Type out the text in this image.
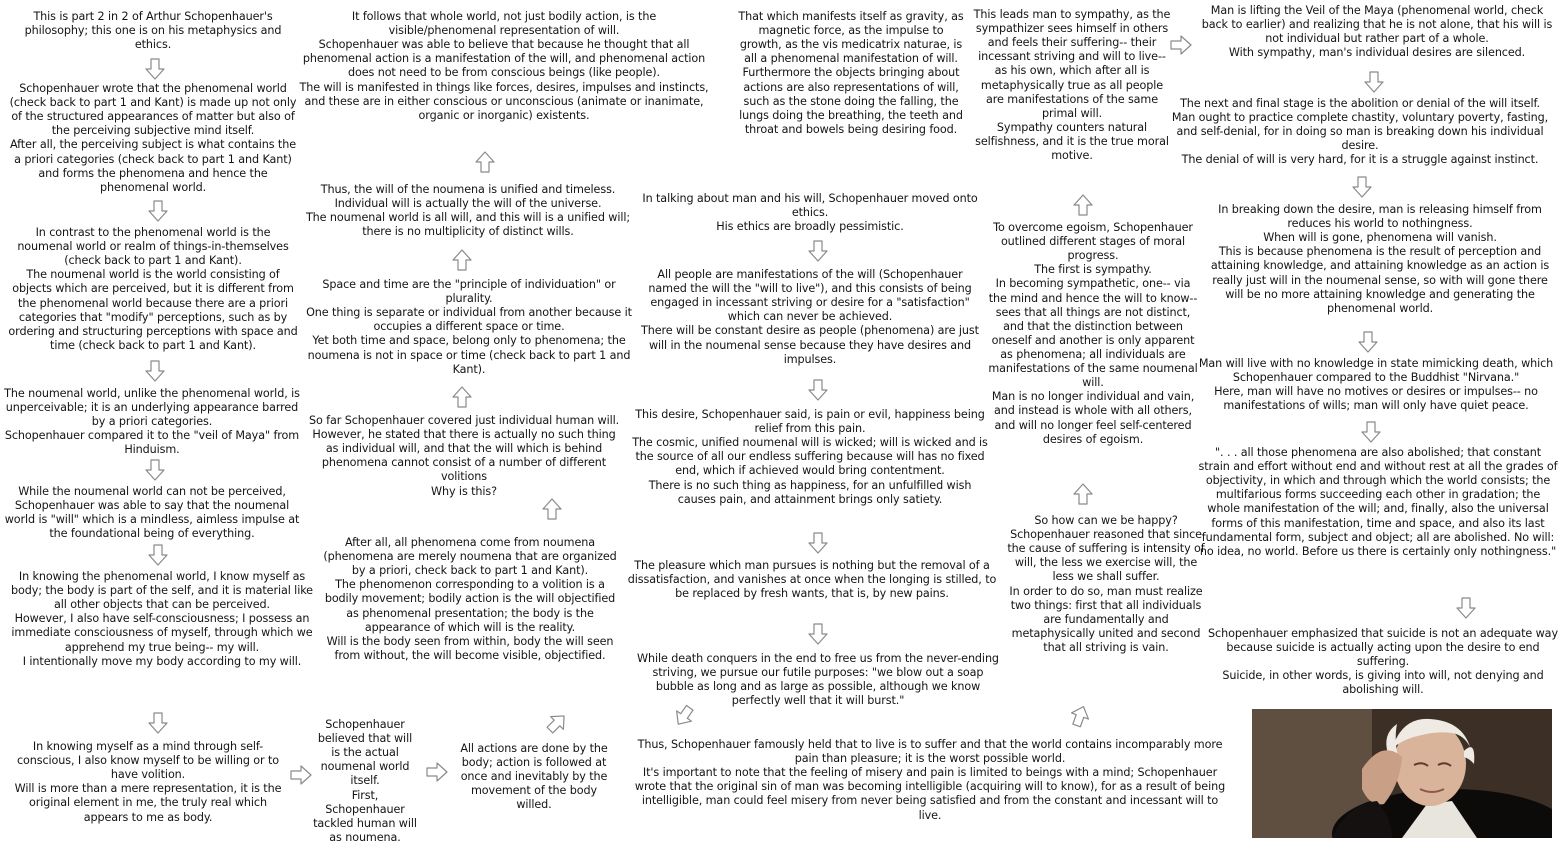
This is part 2 in 2 of Arthur Schopenhauer's philosophy; this one is on his metaphysics and ethics.

Schopenhauer wrote that the phenomenal world (check back to part 1 and Kant) is made up not only of the structured appearances of matter but also of the perceiving subjective mind itself.

After all, the perceiving subject is what contains the a priori categories (check back to part 1 and Kant) and forms the phenomena and hence the phenomenal world.

In contrast to the phenomenal world is the noumenal world or realm of things-in-themselves (check back to part 1 and Kant).

The noumenal world is the world consisting of objects which are perceived, but it is different from the phenomenal world because there are a priori categories that "modify" perceptions, such as by ordering and structuring perceptions with space and time (check back to part 1 and Kant).

The noumenal world, unlike the phenomenal world, is unperceivable; it is an underlying appearance barred by a priori categories.

Schopenhauer compared it to the "veil of Maya" from Hinduism.

While the noumenal world can not be perceived, Schopenhauer was able to say that the noumenal world is "will" which is a mindless, aimless impulse at the foundational being of everything.

In knowing the phenomenal world, I know myself as body; the body is part of the self, and it is material like all other objects that can be perceived.

However, I also have self-consciousness; I possess an immediate consciousness of myself, through which we apprehend my true being-- my will.

I intentionally move my body according to my will.

In knowing myself as a mind through self-conscious, I also know myself to be willing or to have volition.

Will is more than a mere representation, it is the original element in me, the truly real which appears to me as body.

Schopenhauer believed that will is the actual noumenal world itself.

First, Schopenhauer tackled human will as noumena.

All actions are done by the body; action is followed at once and inevitably by the movement of the body willed.

After all, all phenomena come from noumena (phenomena are merely noumena that are organized by a priori, check back to part 1 and Kant).

The phenomenon corresponding to a volition is a bodily movement; bodily action is the will objectified as phenomenal presentation; the body is the appearance of which will is the reality.

Will is the body seen from within, body the will seen from without, the will become visible, objectified.

So far Schopenhauer covered just individual human will.

However, he stated that there is actually no such thing as individual will, and that the will which is behind phenomena cannot consist of a number of different volitions

Why is this?

Space and time are the "principle of individuation" or plurality.

One thing is separate or individual from another because it occupies a different space or time.

Yet both time and space, belong only to phenomena; the noumena is not in space or time (check back to part 1 and Kant).

Thus, the will of the noumena is unified and timeless.

Individual will is actually the will of the universe.

The noumenal world is all will, and this will is a unified will; there is no multiplicity of distinct wills.

It follows that whole world, not just bodily action, is the visible/phenomenal representation of will.

Schopenhauer was able to believe that because he thought that all phenomenal action is a manifestation of the will, and phenomenal action does not need to be from conscious beings (like people).

The will is manifested in things like forces, desires, impulses and instincts, and these are in either conscious or unconscious (animate or inanimate, organic or inorganic) existents.

That which manifests itself as gravity, as magnetic force, as the impulse to growth, as the vis medicatrix naturae, is all a phenomenal manifestation of will.

Furthermore the objects bringing about actions are also representations of will, such as the stone doing the falling, the lungs doing the breathing, the teeth and throat and bowels being desiring food.

In talking about man and his will, Schopenhauer moved onto ethics.

His ethics are broadly pessimistic.

All people are manifestations of the will (Schopenhauer named the will the "will to live"), and this consists of being engaged in incessant striving or desire for a "satisfaction" which can never be achieved.

There will be constant desire as people (phenomena) are just will in the noumenal sense because they have desires and impulses.

This desire, Schopenhauer said, is pain or evil, happiness being relief from this pain.

The cosmic, unified noumenal will is wicked; will is wicked and is the source of all our endless suffering because will has no fixed end, which if achieved would bring contentment.

There is no such thing as happiness, for an unfulfilled wish causes pain, and attainment brings only satiety.

The pleasure which man pursues is nothing but the removal of a dissatisfaction, and vanishes at once when the longing is stilled, to be replaced by fresh wants, that is, by new pains.

While death conquers in the end to free us from the never-ending striving, we pursue our futile purposes: "we blow out a soap bubble as long and as large as possible, although we know perfectly well that it will burst."

Thus, Schopenhauer famously held that to live is to suffer and that the world contains incomparably more pain than pleasure; it is the worst possible world.

It's important to note that the feeling of misery and pain is limited to beings with a mind; Schopenhauer wrote that the original sin of man was becoming intelligible (acquiring will to know), for as a result of being intelligible, man could feel misery from never being satisfied and from the constant and incessant will to live.

So how can we be happy? Schopenhauer reasoned that since the cause of suffering is intensity of will, the less we exercise will, the less we shall suffer.

In order to do so, man must realize two things: first that all individuals are fundamentally and metaphysically united and second that all striving is vain.

To overcome egoism, Schopenhauer outlined different stages of moral progress.

The first is sympathy.

In becoming sympathetic, one-- via the mind and hence the will to know-- sees that all things are not distinct, and that the distinction between oneself and another is only apparent as phenomena; all individuals are manifestations of the same noumenal will.

Man is no longer individual and vain, and instead is whole with all others, and will no longer feel self-centered desires of egoism.

This leads man to sympathy, as the sympathizer sees himself in others and feels their suffering-- their incessant striving and will to live-- as his own, which after all is metaphysically true as all people are manifestations of the same primal will.

Sympathy counters natural selfishness, and it is the true moral motive.

Man is lifting the Veil of the Maya (phenomenal world, check back to earlier) and realizing that he is not alone, that his will is not individual but rather part of a whole.

With sympathy, man's individual desires are silenced.

The next and final stage is the abolition or denial of the will itself.

Man ought to practice complete chastity, voluntary poverty, fasting, and self-denial, for in doing so man is breaking down his individual desire.

The denial of will is very hard, for it is a struggle against instinct.

In breaking down the desire, man is releasing himself from reduces his world to nothingness.

When will is gone, phenomena will vanish.

This is because phenomena is the result of perception and attaining knowledge, and attaining knowledge as an action is really just will in the noumenal sense, so with will gone there will be no more attaining knowledge and generating the phenomenal world.

Man will live with no knowledge in state mimicking death, which Schopenhauer compared to the Buddhist "Nirvana."

Here, man will have no motives or desires or impulses-- no manifestations of wills; man will only have quiet peace.

". . . all those phenomena are also abolished; that constant strain and effort without end and without rest at all the grades of objectivity, in which and through which the world consists; the multifarious forms succeeding each other in gradation; the whole manifestation of the will; and, finally, also the universal forms of this manifestation, time and space, and also its last fundamental form, subject and object; all are abolished. No will: no idea, no world. Before us there is certainly only nothingness."

Schopenhauer emphasized that suicide is not an adequate way because suicide is actually acting upon the desire to end suffering.

Suicide, in other words, is giving into will, not denying and abolishing will.
